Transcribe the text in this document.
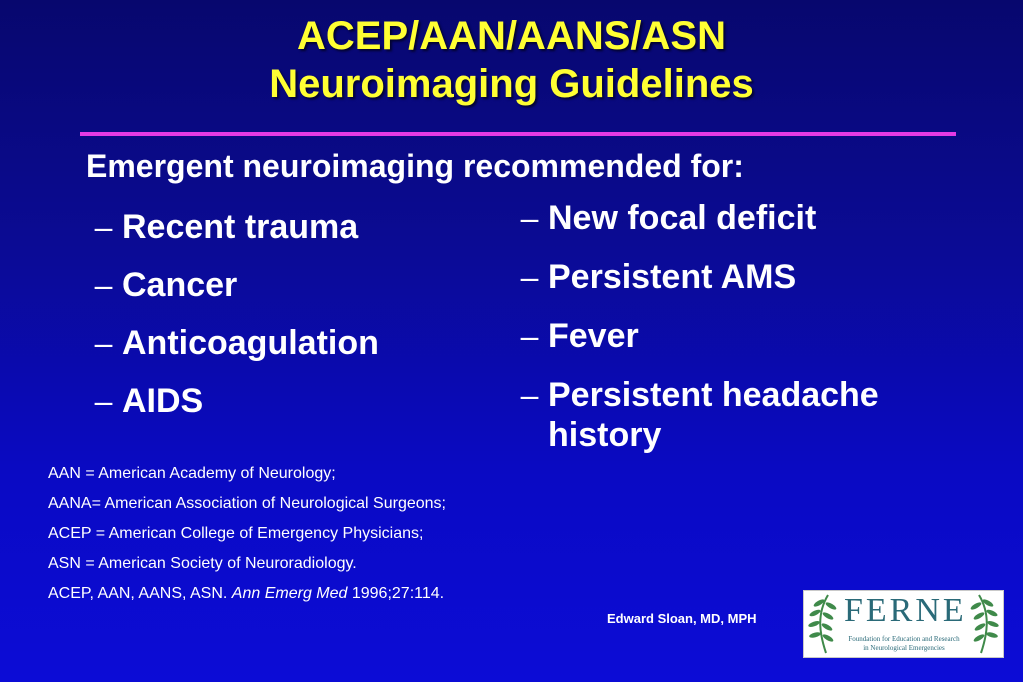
ACEP/AAN/AANS/ASN
Neuroimaging Guidelines
Emergent neuroimaging recommended for:
– Recent trauma
– Cancer
– Anticoagulation
– AIDS
– New focal deficit
– Persistent AMS
– Fever
– Persistent headache history
AAN = American Academy of Neurology;
AANA= American Association of Neurological Surgeons;
ACEP = American College of Emergency Physicians;
ASN = American Society of Neuroradiology.
ACEP, AAN, AANS, ASN. Ann Emerg Med 1996;27:114.
Edward Sloan, MD, MPH	FERNE
Foundation for Education and Research
in Neurological Emergencies
